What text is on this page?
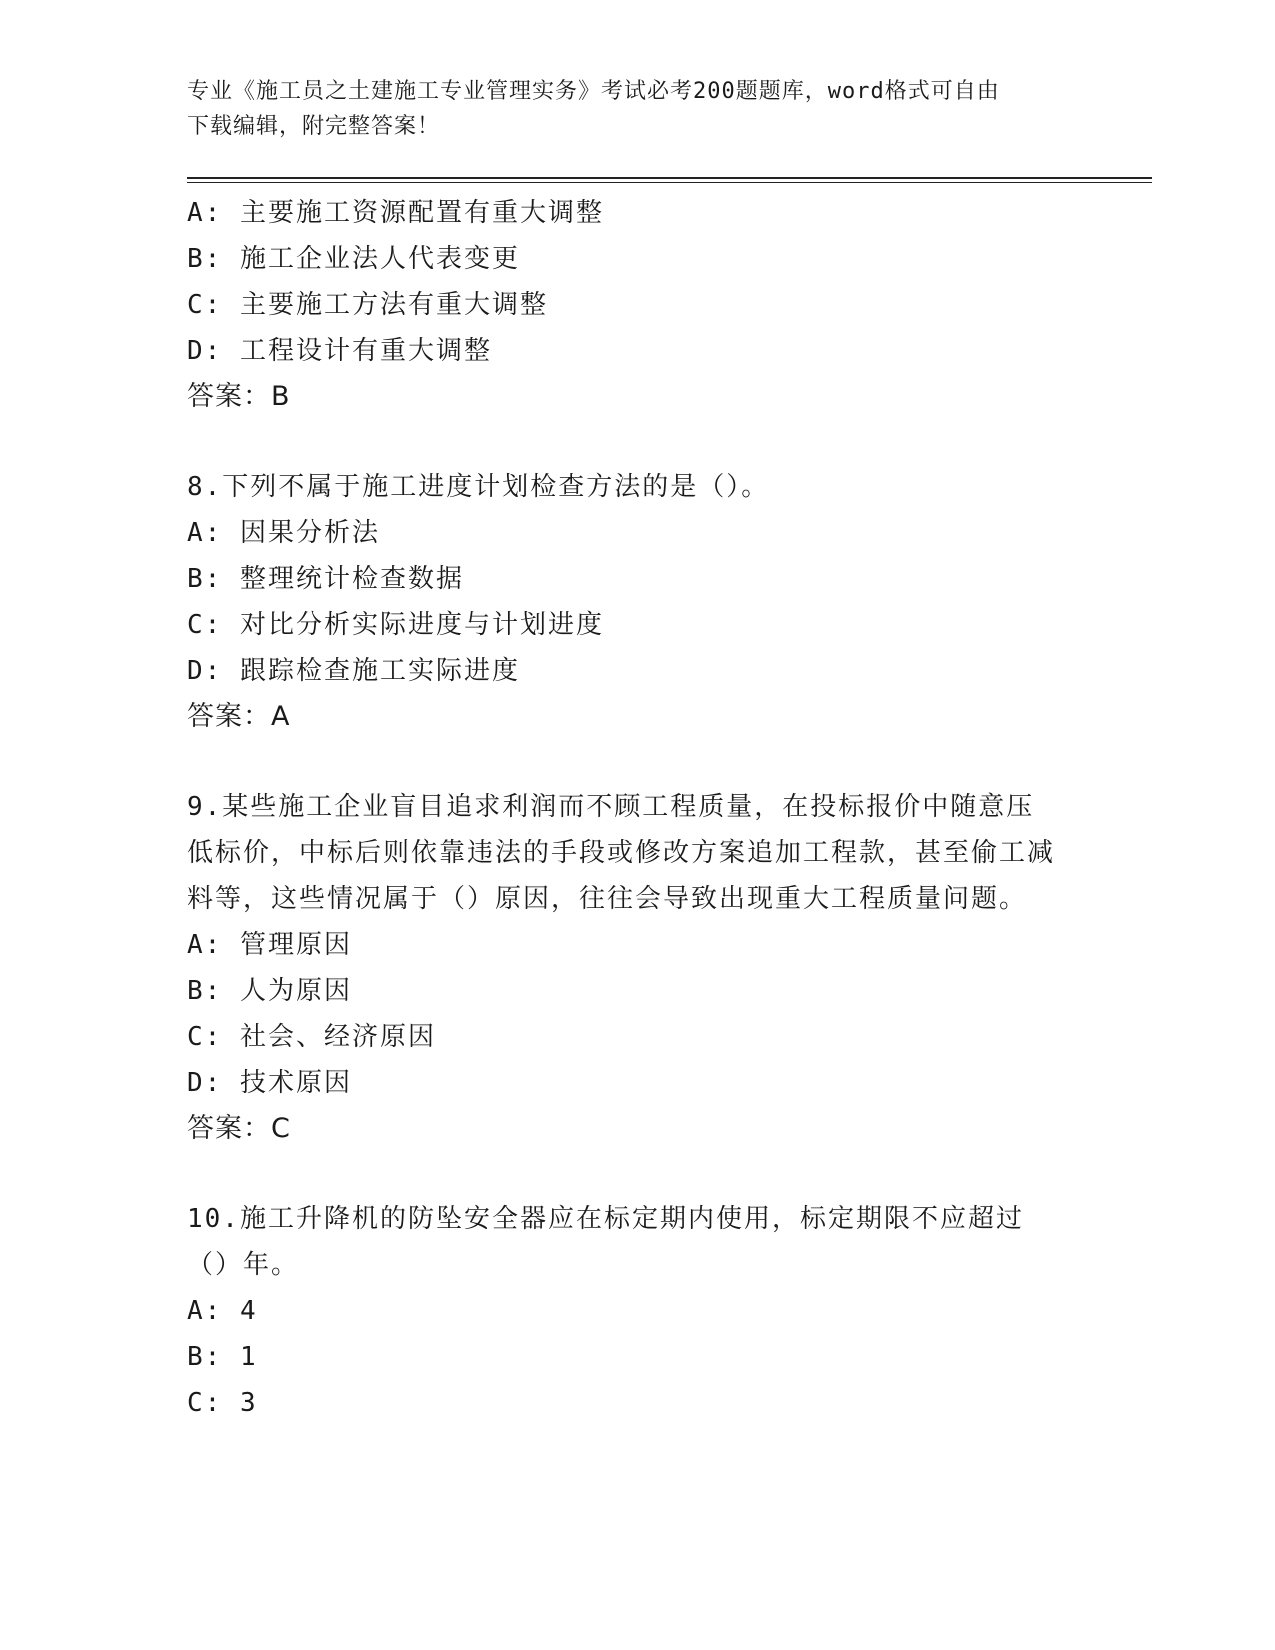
专业《施工员之土建施工专业管理实务》考试必考200题题库，word格式可自由
下载编辑，附完整答案！
A: 主要施工资源配置有重大调整
B: 施工企业法人代表变更
C: 主要施工方法有重大调整
D: 工程设计有重大调整
答案：B
8.下列不属于施工进度计划检查方法的是（）。
A: 因果分析法
B: 整理统计检查数据
C: 对比分析实际进度与计划进度
D: 跟踪检查施工实际进度
答案：A
9.某些施工企业盲目追求利润而不顾工程质量，在投标报价中随意压低标价，中标后则依靠违法的手段或修改方案追加工程款，甚至偷工减料等，这些情况属于（）原因，往往会导致出现重大工程质量问题。
A: 管理原因
B: 人为原因
C: 社会、经济原因
D: 技术原因
答案：C
10.施工升降机的防坠安全器应在标定期内使用，标定期限不应超过（）年。
A: 4
B: 1
C: 3
